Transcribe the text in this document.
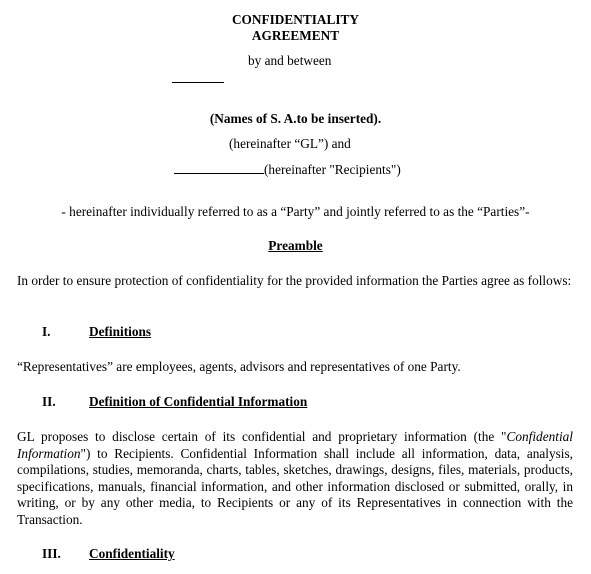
CONFIDENTIALITY
AGREEMENT
by and between
(Names of S. A.to be inserted).
(hereinafter “GL”) and
(hereinafter "Recipients")
- hereinafter individually referred to as a “Party” and jointly referred to as the “Parties”-
Preamble
In order to ensure protection of confidentiality for the provided information the Parties agree as follows:
I.	Definitions
“Representatives” are employees, agents, advisors and representatives of one Party.
II.	Definition of Confidential Information
GL proposes to disclose certain of its confidential and proprietary information (the "Confidential Information") to Recipients. Confidential Information shall include all information, data, analysis, compilations, studies, memoranda, charts, tables, sketches, drawings, designs, files, materials, products, specifications, manuals, financial information, and other information disclosed or submitted, orally, in writing, or by any other media, to Recipients or any of its Representatives in connection with the Transaction.
III. Confidentiality
